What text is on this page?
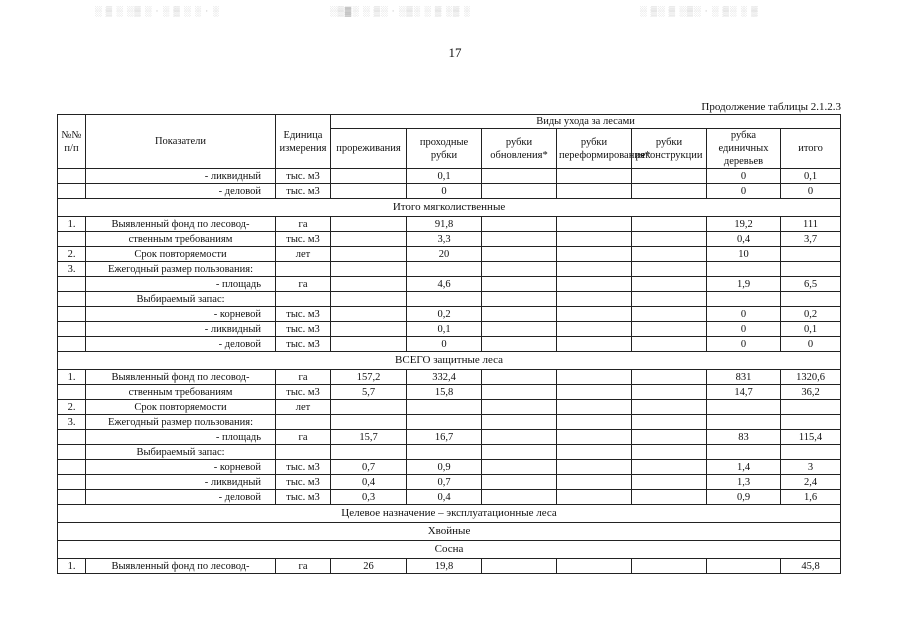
░ ▒ ░ ░▒ ░ · ░ ▒ ░ ░ · ░	░▒▓░ ░ ▒░ · ░▒░ ░ ▒ ░▒ ░	░ ▒░ ▒ ░▒░ · ░ ▒░ ░ ▒
17
Продолжение таблицы 2.1.2.3
№№ п/п	Показатели	Единица измерения	Виды ухода за лесами						
			прореживания	проходные рубки	рубки обновления*	рубки переформирования*	рубки реконструкции	рубка единичных деревьев	итого
	- ликвидный	тыс. м3		0,1				0	0,1
	- деловой	тыс. м3		0				0	0
Итого мягколиственные									
1.	Выявленный фонд по лесовод-	га		91,8				19,2	111
	ственным требованиям	тыс. м3		3,3				0,4	3,7
2.	Срок повторяемости	лет		20				10	
3.	Ежегодный размер пользования:								
	- площадь	га		4,6				1,9	6,5
	Выбираемый запас:								
	- корневой	тыс. м3		0,2				0	0,2
	- ликвидный	тыс. м3		0,1				0	0,1
	- деловой	тыс. м3		0				0	0
ВСЕГО защитные леса									
1.	Выявленный фонд по лесовод-	га	157,2	332,4				831	1320,6
	ственным требованиям	тыс. м3	5,7	15,8				14,7	36,2
2.	Срок повторяемости	лет							
3.	Ежегодный размер пользования:								
	- площадь	га	15,7	16,7				83	115,4
	Выбираемый запас:								
	- корневой	тыс. м3	0,7	0,9				1,4	3
	- ликвидный	тыс. м3	0,4	0,7				1,3	2,4
	- деловой	тыс. м3	0,3	0,4				0,9	1,6
Целевое назначение – эксплуатационные леса									
Хвойные									
Сосна									
1.	Выявленный фонд по лесовод-	га	26	19,8					45,8
